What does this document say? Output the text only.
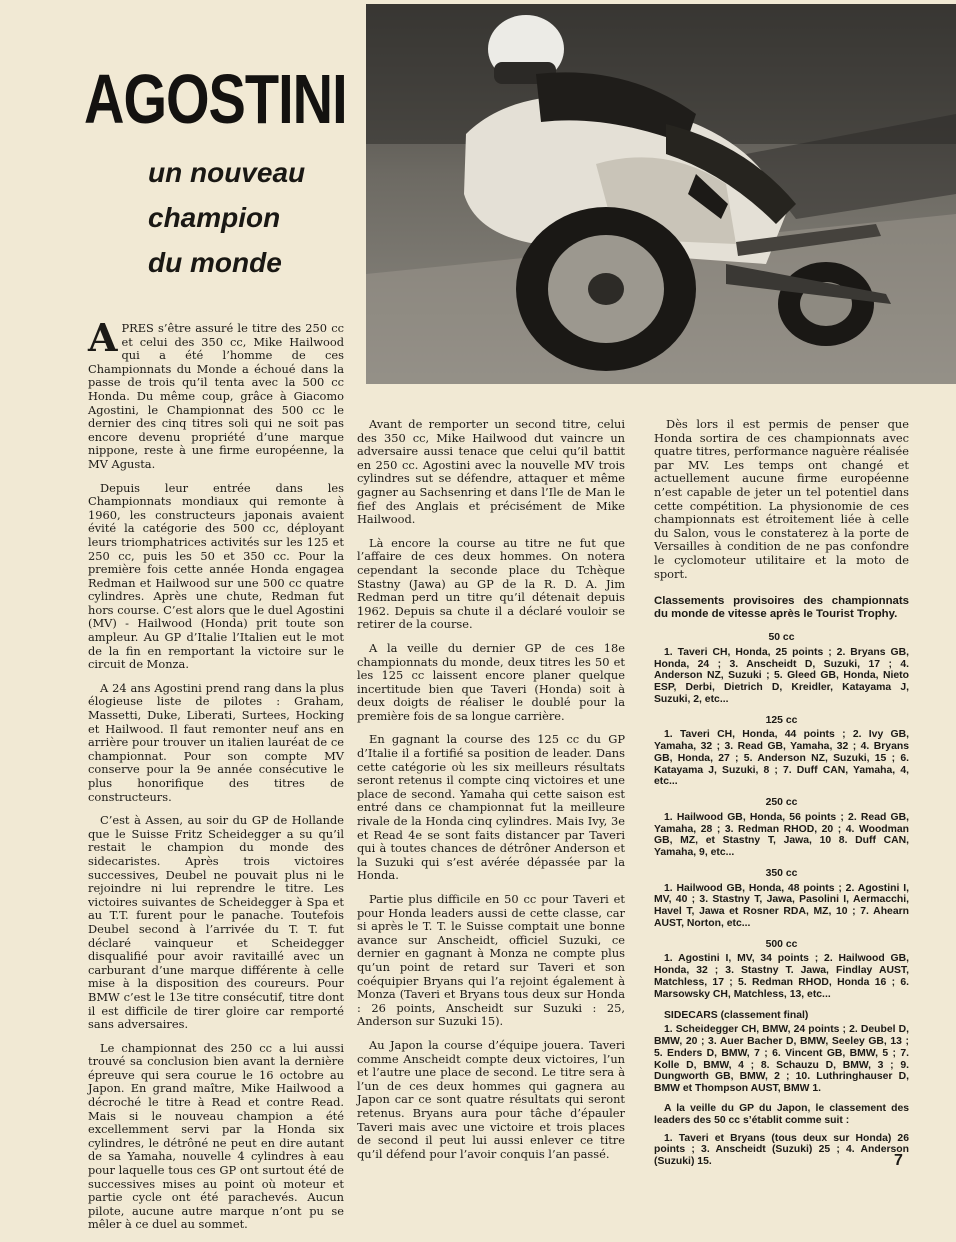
AGOSTINI
un nouveau
champion
du monde

APRES s’être assuré le titre des 250 cc et celui des 350 cc, Mike Hailwood qui a été l’homme de ces Championnats du Monde a échoué dans la passe de trois qu’il tenta avec la 500 cc Honda. Du même coup, grâce à Giacomo Agostini, le Championnat des 500 cc le dernier des cinq titres soli qui ne soit pas encore devenu propriété d’une marque nippone, reste à une firme européenne, la MV Agusta.

Depuis leur entrée dans les Championnats mondiaux qui remonte à 1960, les constructeurs japonais avaient évité la catégorie des 500 cc, déployant leurs triomphatrices activités sur les 125 et 250 cc, puis les 50 et 350 cc. Pour la première fois cette année Honda engagea Redman et Hailwood sur une 500 cc quatre cylindres. Après une chute, Redman fut hors course. C’est alors que le duel Agostini (MV) - Hailwood (Honda) prit toute son ampleur. Au GP d’Italie l’Italien eut le mot de la fin en remportant la victoire sur le circuit de Monza.

A 24 ans Agostini prend rang dans la plus élogieuse liste de pilotes : Graham, Massetti, Duke, Liberati, Surtees, Hocking et Hailwood. Il faut remonter neuf ans en arrière pour trouver un italien lauréat de ce championnat. Pour son compte MV conserve pour la 9e année consécutive le plus honorifique des titres de constructeurs.

C’est à Assen, au soir du GP de Hollande que le Suisse Fritz Scheidegger a su qu’il restait le champion du monde des sidecaristes. Après trois victoires successives, Deubel ne pouvait plus ni le rejoindre ni lui reprendre le titre. Les victoires suivantes de Scheidegger à Spa et au T.T. furent pour le panache. Toutefois Deubel second à l’arrivée du T. T. fut déclaré vainqueur et Scheidegger disqualifié pour avoir ravitaillé avec un carburant d’une marque différente à celle mise à la disposition des coureurs. Pour BMW c’est le 13e titre consécutif, titre dont il est difficile de tirer gloire car remporté sans adversaires.

Le championnat des 250 cc a lui aussi trouvé sa conclusion bien avant la dernière épreuve qui sera courue le 16 octobre au Japon. En grand maître, Mike Hailwood a décroché le titre à Read et contre Read. Mais si le nouveau champion a été excellemment servi par la Honda six cylindres, le détrôné ne peut en dire autant de sa Yamaha, nouvelle 4 cylindres à eau pour laquelle tous ces GP ont surtout été de successives mises au point où moteur et partie cycle ont été parachevés. Aucun pilote, aucune autre marque n’ont pu se mêler à ce duel au sommet.

Avant de remporter un second titre, celui des 350 cc, Mike Hailwood dut vaincre un adversaire aussi tenace que celui qu’il battit en 250 cc. Agostini avec la nouvelle MV trois cylindres sut se défendre, attaquer et même gagner au Sachsenring et dans l’Ile de Man le fief des Anglais et précisément de Mike Hailwood.

Là encore la course au titre ne fut que l’affaire de ces deux hommes. On notera cependant la seconde place du Tchèque Stastny (Jawa) au GP de la R. D. A. Jim Redman perd un titre qu’il détenait depuis 1962. Depuis sa chute il a déclaré vouloir se retirer de la course.

A la veille du dernier GP de ces 18e championnats du monde, deux titres les 50 et les 125 cc laissent encore planer quelque incertitude bien que Taveri (Honda) soit à deux doigts de réaliser le doublé pour la première fois de sa longue carrière.

En gagnant la course des 125 cc du GP d’Italie il a fortifié sa position de leader. Dans cette catégorie où les six meilleurs résultats seront retenus il compte cinq victoires et une place de second. Yamaha qui cette saison est entré dans ce championnat fut la meilleure rivale de la Honda cinq cylindres. Mais Ivy, 3e et Read 4e se sont faits distancer par Taveri qui à toutes chances de détrôner Anderson et la Suzuki qui s’est avérée dépassée par la Honda.

Partie plus difficile en 50 cc pour Taveri et pour Honda leaders aussi de cette classe, car si après le T. T. le Suisse comptait une bonne avance sur Anscheidt, officiel Suzuki, ce dernier en gagnant à Monza ne compte plus qu’un point de retard sur Taveri et son coéquipier Bryans qui l’a rejoint également à Monza (Taveri et Bryans tous deux sur Honda : 26 points, Anscheidt sur Suzuki : 25, Anderson sur Suzuki 15).

Au Japon la course d’équipe jouera. Taveri comme Anscheidt compte deux victoires, l’un et l’autre une place de second. Le titre sera à l’un de ces deux hommes qui gagnera au Japon car ce sont quatre résultats qui seront retenus. Bryans aura pour tâche d’épauler Taveri mais avec une victoire et trois places de second il peut lui aussi enlever ce titre qu’il défend pour l’avoir conquis l’an passé.

Dès lors il est permis de penser que Honda sortira de ces championnats avec quatre titres, performance naguère réalisée par MV. Les temps ont changé et actuellement aucune firme européenne n’est capable de jeter un tel potentiel dans cette compétition. La physionomie de ces championnats est étroitement liée à celle du Salon, vous le constaterez à la porte de Versailles à condition de ne pas confondre le cyclomoteur utilitaire et la moto de sport.

Classements provisoires des championnats du monde de vitesse après le Tourist Trophy.
50 cc
1. Taveri CH, Honda, 25 points ; 2. Bryans GB, Honda, 24 ; 3. Anscheidt D, Suzuki, 17 ; 4. Anderson NZ, Suzuki ; 5. Gleed GB, Honda, Nieto ESP, Derbi, Dietrich D, Kreidler, Katayama J, Suzuki, 2, etc...
125 cc
1. Taveri CH, Honda, 44 points ; 2. Ivy GB, Yamaha, 32 ; 3. Read GB, Yamaha, 32 ; 4. Bryans GB, Honda, 27 ; 5. Anderson NZ, Suzuki, 15 ; 6. Katayama J, Suzuki, 8 ; 7. Duff CAN, Yamaha, 4, etc...
250 cc
1. Hailwood GB, Honda, 56 points ; 2. Read GB, Yamaha, 28 ; 3. Redman RHOD, 20 ; 4. Woodman GB, MZ, et Stastny T, Jawa, 10 8. Duff CAN, Yamaha, 9, etc...
350 cc
1. Hailwood GB, Honda, 48 points ; 2. Agostini I, MV, 40 ; 3. Stastny T, Jawa, Pasolini I, Aermacchi, Havel T, Jawa et Rosner RDA, MZ, 10 ; 7. Ahearn AUST, Norton, etc...
500 cc
1. Agostini I, MV, 34 points ; 2. Hailwood GB, Honda, 32 ; 3. Stastny T. Jawa, Findlay AUST, Matchless, 17 ; 5. Redman RHOD, Honda 16 ; 6. Marsowsky CH, Matchless, 13, etc...
SIDECARS (classement final)
1. Scheidegger CH, BMW, 24 points ; 2. Deubel D, BMW, 20 ; 3. Auer Bacher D, BMW, Seeley GB, 13 ; 5. Enders D, BMW, 7 ; 6. Vincent GB, BMW, 5 ; 7. Kolle D, BMW, 4 ; 8. Schauzu D, BMW, 3 ; 9. Dungworth GB, BMW, 2 ; 10. Luthringhauser D, BMW et Thompson AUST, BMW 1.
A la veille du GP du Japon, le classement des leaders des 50 cc s’établit comme suit :
1. Taveri et Bryans (tous deux sur Honda) 26 points ; 3. Anscheidt (Suzuki) 25 ; 4. Anderson (Suzuki) 15.	7
